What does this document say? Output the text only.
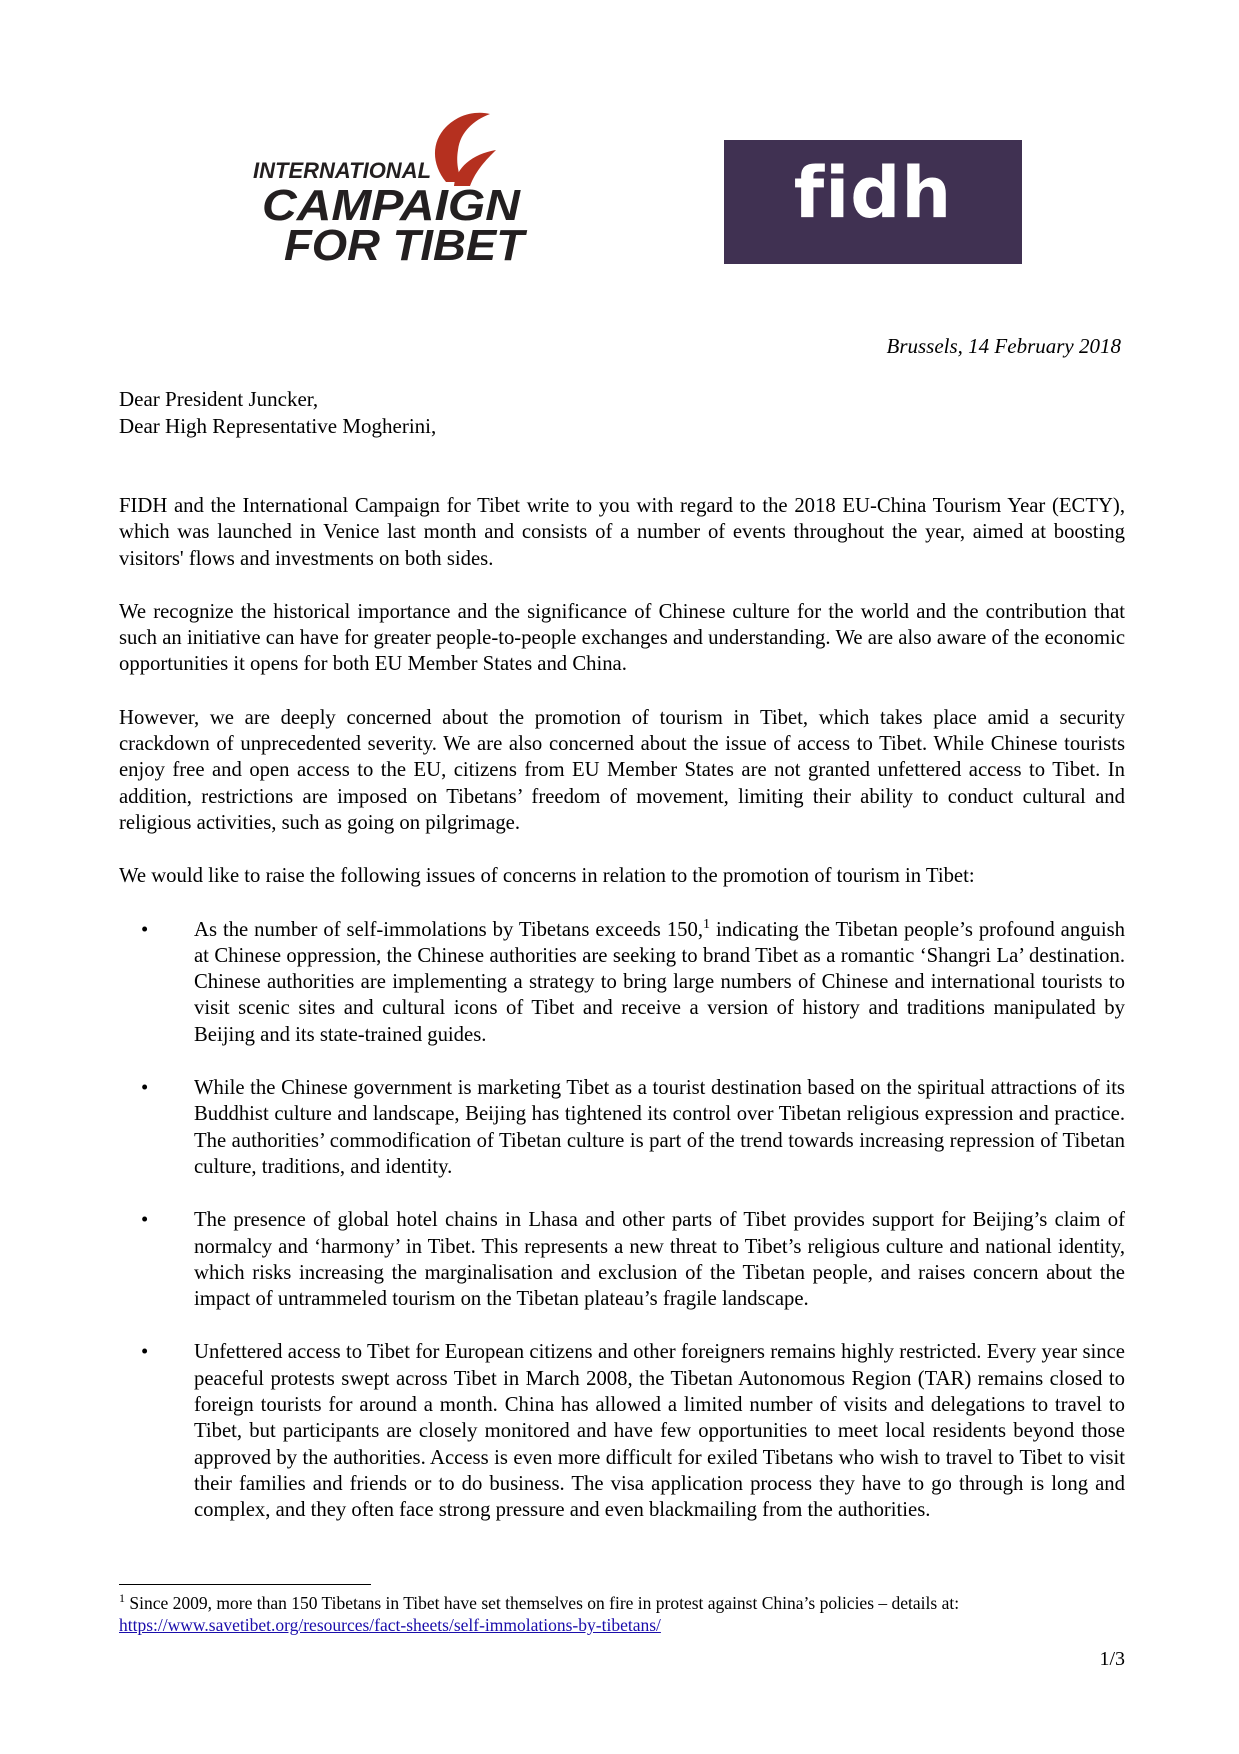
INTERNATIONAL
CAMPAIGN
FOR TIBET
fidh
Brussels, 14 February 2018
Dear President Juncker,
Dear High Representative Mogherini,

FIDH and the International Campaign for Tibet write to you with regard to the 2018 EU-China Tourism Year (ECTY), which was launched in Venice last month and consists of a number of events throughout the year, aimed at boosting visitors' flows and investments on both sides.

We recognize the historical importance and the significance of Chinese culture for the world and the contribution that such an initiative can have for greater people-to-people exchanges and understanding. We are also aware of the economic opportunities it opens for both EU Member States and China.

However, we are deeply concerned about the promotion of tourism in Tibet, which takes place amid a security crackdown of unprecedented severity. We are also concerned about the issue of access to Tibet. While Chinese tourists enjoy free and open access to the EU, citizens from EU Member States are not granted unfettered access to Tibet. In addition, restrictions are imposed on Tibetans’ freedom of movement, limiting their ability to conduct cultural and religious activities, such as going on pilgrimage.

We would like to raise the following issues of concerns in relation to the promotion of tourism in Tibet:

•	As the number of self-immolations by Tibetans exceeds 150,$^1$ indicating the Tibetan people’s profound anguish at Chinese oppression, the Chinese authorities are seeking to brand Tibet as a romantic ‘Shangri La’ destination. Chinese authorities are implementing a strategy to bring large numbers of Chinese and international tourists to visit scenic sites and cultural icons of Tibet and receive a version of history and traditions manipulated by Beijing and its state-trained guides.
•	While the Chinese government is marketing Tibet as a tourist destination based on the spiritual attractions of its Buddhist culture and landscape, Beijing has tightened its control over Tibetan religious expression and practice. The authorities’ commodification of Tibetan culture is part of the trend towards increasing repression of Tibetan culture, traditions, and identity.
•	The presence of global hotel chains in Lhasa and other parts of Tibet provides support for Beijing’s claim of normalcy and ‘harmony’ in Tibet. This represents a new threat to Tibet’s religious culture and national identity, which risks increasing the marginalisation and exclusion of the Tibetan people, and raises concern about the impact of untrammeled tourism on the Tibetan plateau’s fragile landscape.
•	Unfettered access to Tibet for European citizens and other foreigners remains highly restricted. Every year since peaceful protests swept across Tibet in March 2008, the Tibetan Autonomous Region (TAR) remains closed to foreign tourists for around a month. China has allowed a limited number of visits and delegations to travel to Tibet, but participants are closely monitored and have few opportunities to meet local residents beyond those approved by the authorities. Access is even more difficult for exiled Tibetans who wish to travel to Tibet to visit their families and friends or to do business. The visa application process they have to go through is long and complex, and they often face strong pressure and even blackmailing from the authorities.
$^1$ Since 2009, more than 150 Tibetans in Tibet have set themselves on fire in protest against China’s policies – details at: https://www.savetibet.org/resources/fact-sheets/self-immolations-by-tibetans/
1/3
